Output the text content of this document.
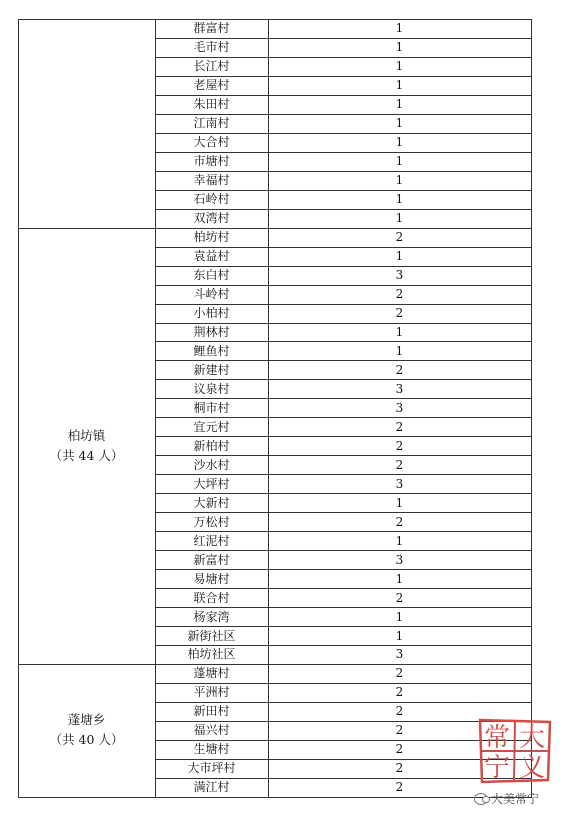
群富村	1
毛市村	1
长江村	1
老屋村	1
朱田村	1
江南村	1
大合村	1
市塘村	1
幸福村	1
石岭村	1
双湾村	1
柏坊镇
（共 44 人）
柏坊村	2
袁益村	1
东白村	3
斗岭村	2
小柏村	2
荆林村	1
鲤鱼村	1
新建村	2
议泉村	3
桐市村	3
宜元村	2
新柏村	2
沙水村	2
大坪村	3
大新村	1
万松村	2
红泥村	1
新富村	3
易塘村	1
联合村	2
杨家湾	1
新街社区	1
柏坊社区	3
蓬塘乡
（共 40 人）
蓬塘村	2
平洲村	2
新田村	2
福兴村	2
生塘村	2
大市坪村	2
满江村	2
常 大
宁 义
大美常宁
